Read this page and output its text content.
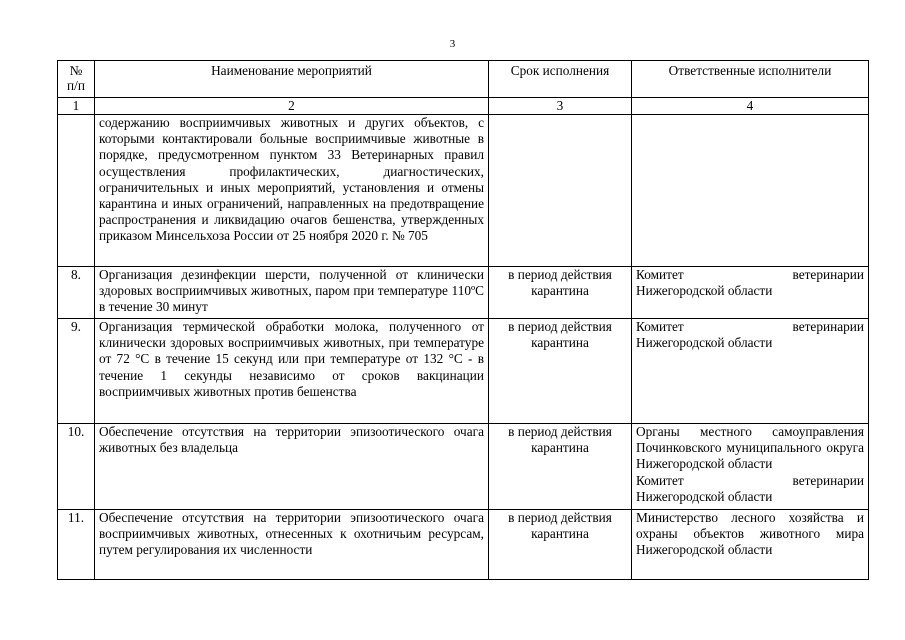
3
№
п/п	Наименование мероприятий	Срок исполнения	Ответственные исполнители
1	2	3	4
	содержанию восприимчивых животных и других объектов, с которыми контактировали больные восприимчивые животные в порядке, предусмотренном пунктом 33 Ветеринарных правил осуществления профилактических, диагностических, ограничительных и иных мероприятий, установления и отмены карантина и иных ограничений, направленных на предотвращение распространения и ликвидацию очагов бешенства, утвержденных приказом Минсельхоза России от 25 ноября 2020 г. № 705		
8.	Организация дезинфекции шерсти, полученной от клинически здоровых восприимчивых животных, паром при температуре 110ºC в течение 30 минут	в период действия карантина	Комитет ветеринарии
Нижегородской области

9.	Организация термической обработки молока, полученного от клинически здоровых восприимчивых животных, при температуре от 72 °С в течение 15 секунд или при температуре от 132 °С - в течение 1 секунды независимо от сроков вакцинации восприимчивых животных против бешенства	в период действия карантина	Комитет ветеринарии
Нижегородской области

10.	Обеспечение отсутствия на территории эпизоотического очага животных без владельца	в период действия карантина	Органы местного самоуправления Починковского муниципального округа Нижегородской области
Комитет ветеринарии
Нижегородской области

11.	Обеспечение отсутствия на территории эпизоотического очага восприимчивых животных, отнесенных к охотничьим ресурсам, путем регулирования их численности	в период действия карантина	Министерство лесного хозяйства и охраны объектов животного мира Нижегородской области
